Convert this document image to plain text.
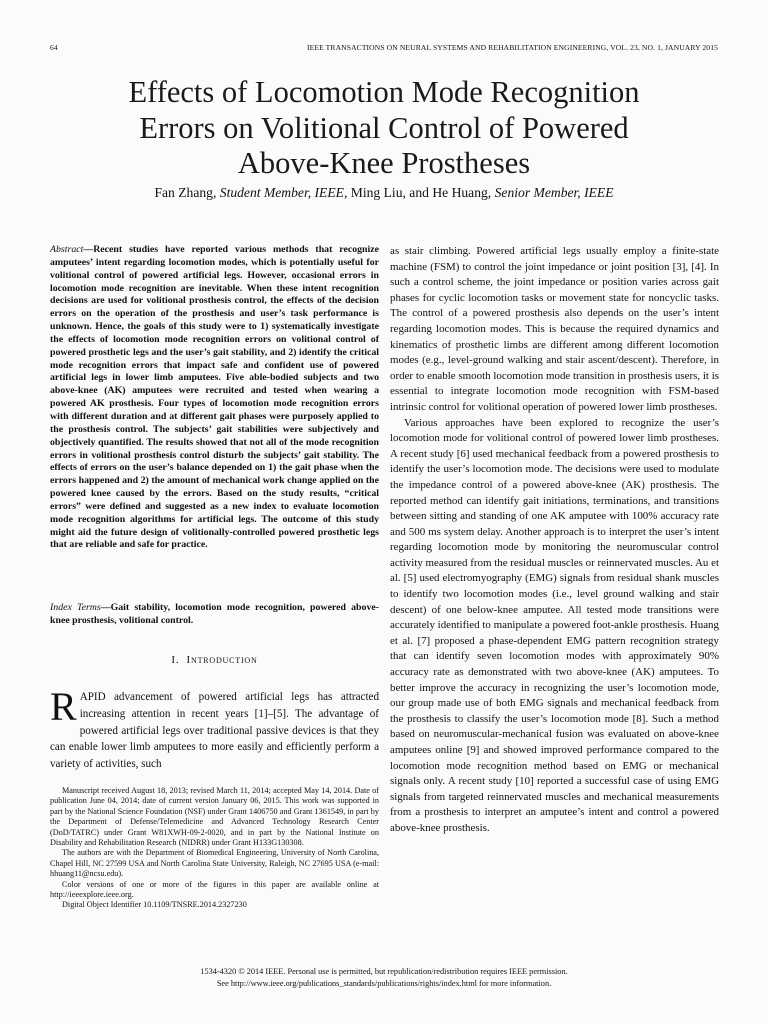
64	IEEE TRANSACTIONS ON NEURAL SYSTEMS AND REHABILITATION ENGINEERING, VOL. 23, NO. 1, JANUARY 2015
Effects of Locomotion Mode Recognition
Errors on Volitional Control of Powered
Above-Knee Prostheses
Fan Zhang, Student Member, IEEE, Ming Liu, and He Huang, Senior Member, IEEE
Abstract—Recent studies have reported various methods that recognize amputees’ intent regarding locomotion modes, which is potentially useful for volitional control of powered artificial legs. However, occasional errors in locomotion mode recognition are inevitable. When these intent recognition decisions are used for volitional prosthesis control, the effects of the decision errors on the operation of the prosthesis and user’s task performance is unknown. Hence, the goals of this study were to 1) systematically investigate the effects of locomotion mode recognition errors on volitional control of powered prosthetic legs and the user’s gait stability, and 2) identify the critical mode recognition errors that impact safe and confident use of powered artificial legs in lower limb amputees. Five able-bodied subjects and two above-knee (AK) amputees were recruited and tested when wearing a powered AK prosthesis. Four types of locomotion mode recognition errors with different duration and at different gait phases were purposely applied to the prosthesis control. The subjects’ gait stabilities were subjectively and objectively quantified. The results showed that not all of the mode recognition errors in volitional prosthesis control disturb the subjects’ gait stability. The effects of errors on the user’s balance depended on 1) the gait phase when the errors happened and 2) the amount of mechanical work change applied on the powered knee caused by the errors. Based on the study results, “critical errors” were defined and suggested as a new index to evaluate locomotion mode recognition algorithms for artificial legs. The outcome of this study might aid the future design of volitionally-controlled powered prosthetic legs that are reliable and safe for practice.
Index Terms—Gait stability, locomotion mode recognition, powered above-knee prosthesis, volitional control.
I. Introduction
RAPID advancement of powered artificial legs has attracted increasing attention in recent years [1]–[5]. The advantage of powered artificial legs over traditional passive devices is that they can enable lower limb amputees to more easily and efficiently perform a variety of activities, such

Manuscript received August 18, 2013; revised March 11, 2014; accepted May 14, 2014. Date of publication June 04, 2014; date of current version January 06, 2015. This work was supported in part by the National Science Foundation (NSF) under Grant 1406750 and Grant 1361549, in part by the Department of Defense/Telemedicine and Advanced Technology Research Center (DoD/TATRC) under Grant W81XWH-09-2-0020, and in part by the National Institute on Disability and Rehabilitation Research (NIDRR) under Grant H133G130308.

The authors are with the Department of Biomedical Engineering, University of North Carolina, Chapel Hill, NC 27599 USA and North Carolina State University, Raleigh, NC 27695 USA (e-mail: hhuang11@ncsu.edu).

Color versions of one or more of the figures in this paper are available online at http://ieeexplore.ieee.org.

Digital Object Identifier 10.1109/TNSRE.2014.2327230

as stair climbing. Powered artificial legs usually employ a finite-state machine (FSM) to control the joint impedance or joint position [3], [4]. In such a control scheme, the joint impedance or position varies across gait phases for cyclic locomotion tasks or movement state for noncyclic tasks. The control of a powered prosthesis also depends on the user’s intent regarding locomotion modes. This is because the required dynamics and kinematics of prosthetic limbs are different among different locomotion modes (e.g., level-ground walking and stair ascent/descent). Therefore, in order to enable smooth locomotion mode transition in prosthesis users, it is essential to integrate locomotion mode recognition with FSM-based intrinsic control for volitional operation of powered lower limb prostheses.

Various approaches have been explored to recognize the user’s locomotion mode for volitional control of powered lower limb prostheses. A recent study [6] used mechanical feedback from a powered prosthesis to identify the user’s locomotion mode. The decisions were used to modulate the impedance control of a powered above-knee (AK) prosthesis. The reported method can identify gait initiations, terminations, and transitions between sitting and standing of one AK amputee with 100% accuracy rate and 500 ms system delay. Another approach is to interpret the user’s intent regarding locomotion mode by monitoring the neuromuscular control activity measured from the residual muscles or reinnervated muscles. Au et al. [5] used electromyography (EMG) signals from residual shank muscles to identify two locomotion modes (i.e., level ground walking and stair descent) of one below-knee amputee. All tested mode transitions were accurately identified to manipulate a powered foot-ankle prosthesis. Huang et al. [7] proposed a phase-dependent EMG pattern recognition strategy that can identify seven locomotion modes with approximately 90% accuracy rate as demonstrated with two above-knee (AK) amputees. To better improve the accuracy in recognizing the user’s locomotion mode, our group made use of both EMG signals and mechanical feedback from the prosthesis to classify the user’s locomotion mode [8]. Such a method based on neuromuscular-mechanical fusion was evaluated on above-knee amputees online [9] and showed improved performance compared to the locomotion mode recognition method based on EMG or mechanical signals only. A recent study [10] reported a successful case of using EMG signals from targeted reinnervated muscles and mechanical measurements from a prosthesis to interpret an amputee’s intent and control a powered above-knee prosthesis.

1534-4320 © 2014 IEEE. Personal use is permitted, but republication/redistribution requires IEEE permission.
See http://www.ieee.org/publications_standards/publications/rights/index.html for more information.
